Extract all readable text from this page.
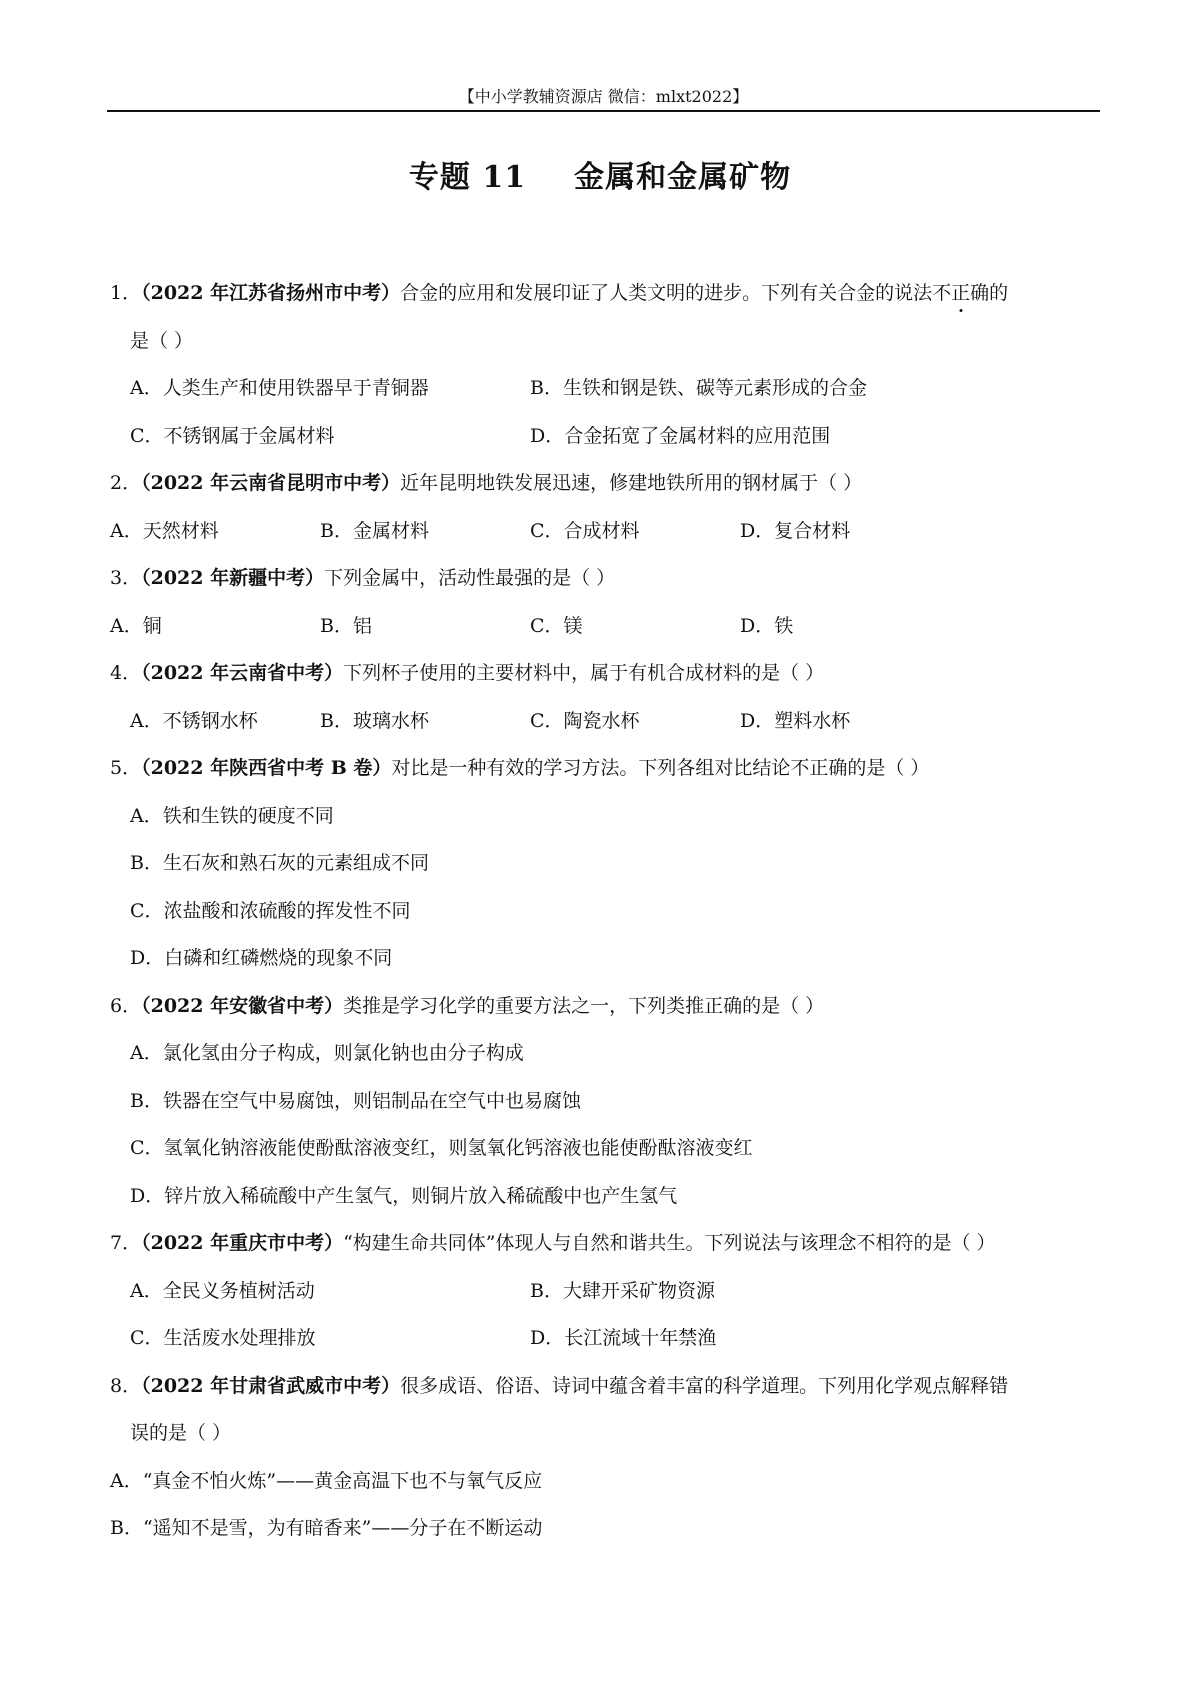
【中小学教辅资源店 微信：mlxt2022】
专题 11 金属和金属矿物
1．（2022 年江苏省扬州市中考）合金的应用和发展印证了人类文明的进步。下列有关合金的说法不正确的
是（ ）
A．人类生产和使用铁器早于青铜器	B．生铁和钢是铁、碳等元素形成的合金
C．不锈钢属于金属材料	D．合金拓宽了金属材料的应用范围
2．（2022 年云南省昆明市中考）近年昆明地铁发展迅速，修建地铁所用的钢材属于（ ）
A．天然材料	B．金属材料	C．合成材料	D．复合材料
3．（2022 年新疆中考）下列金属中，活动性最强的是（ ）
A．铜	B．铝	C．镁	D．铁
4．（2022 年云南省中考）下列杯子使用的主要材料中，属于有机合成材料的是（ ）
A．不锈钢水杯	B．玻璃水杯	C．陶瓷水杯	D．塑料水杯
5．（2022 年陕西省中考 B 卷）对比是一种有效的学习方法。下列各组对比结论不正确的是（ ）
A．铁和生铁的硬度不同
B．生石灰和熟石灰的元素组成不同
C．浓盐酸和浓硫酸的挥发性不同
D．白磷和红磷燃烧的现象不同
6．（2022 年安徽省中考）类推是学习化学的重要方法之一，下列类推正确的是（ ）
A．氯化氢由分子构成，则氯化钠也由分子构成
B．铁器在空气中易腐蚀，则铝制品在空气中也易腐蚀
C．氢氧化钠溶液能使酚酞溶液变红，则氢氧化钙溶液也能使酚酞溶液变红
D．锌片放入稀硫酸中产生氢气，则铜片放入稀硫酸中也产生氢气
7．（2022 年重庆市中考）“构建生命共同体”体现人与自然和谐共生。下列说法与该理念不相符的是（ ）
A．全民义务植树活动	B．大肆开采矿物资源
C．生活废水处理排放	D．长江流域十年禁渔
8．（2022 年甘肃省武威市中考）很多成语、俗语、诗词中蕴含着丰富的科学道理。下列用化学观点解释错
误的是（ ）
A．“真金不怕火炼”——黄金高温下也不与氧气反应
B．“遥知不是雪，为有暗香来”——分子在不断运动
